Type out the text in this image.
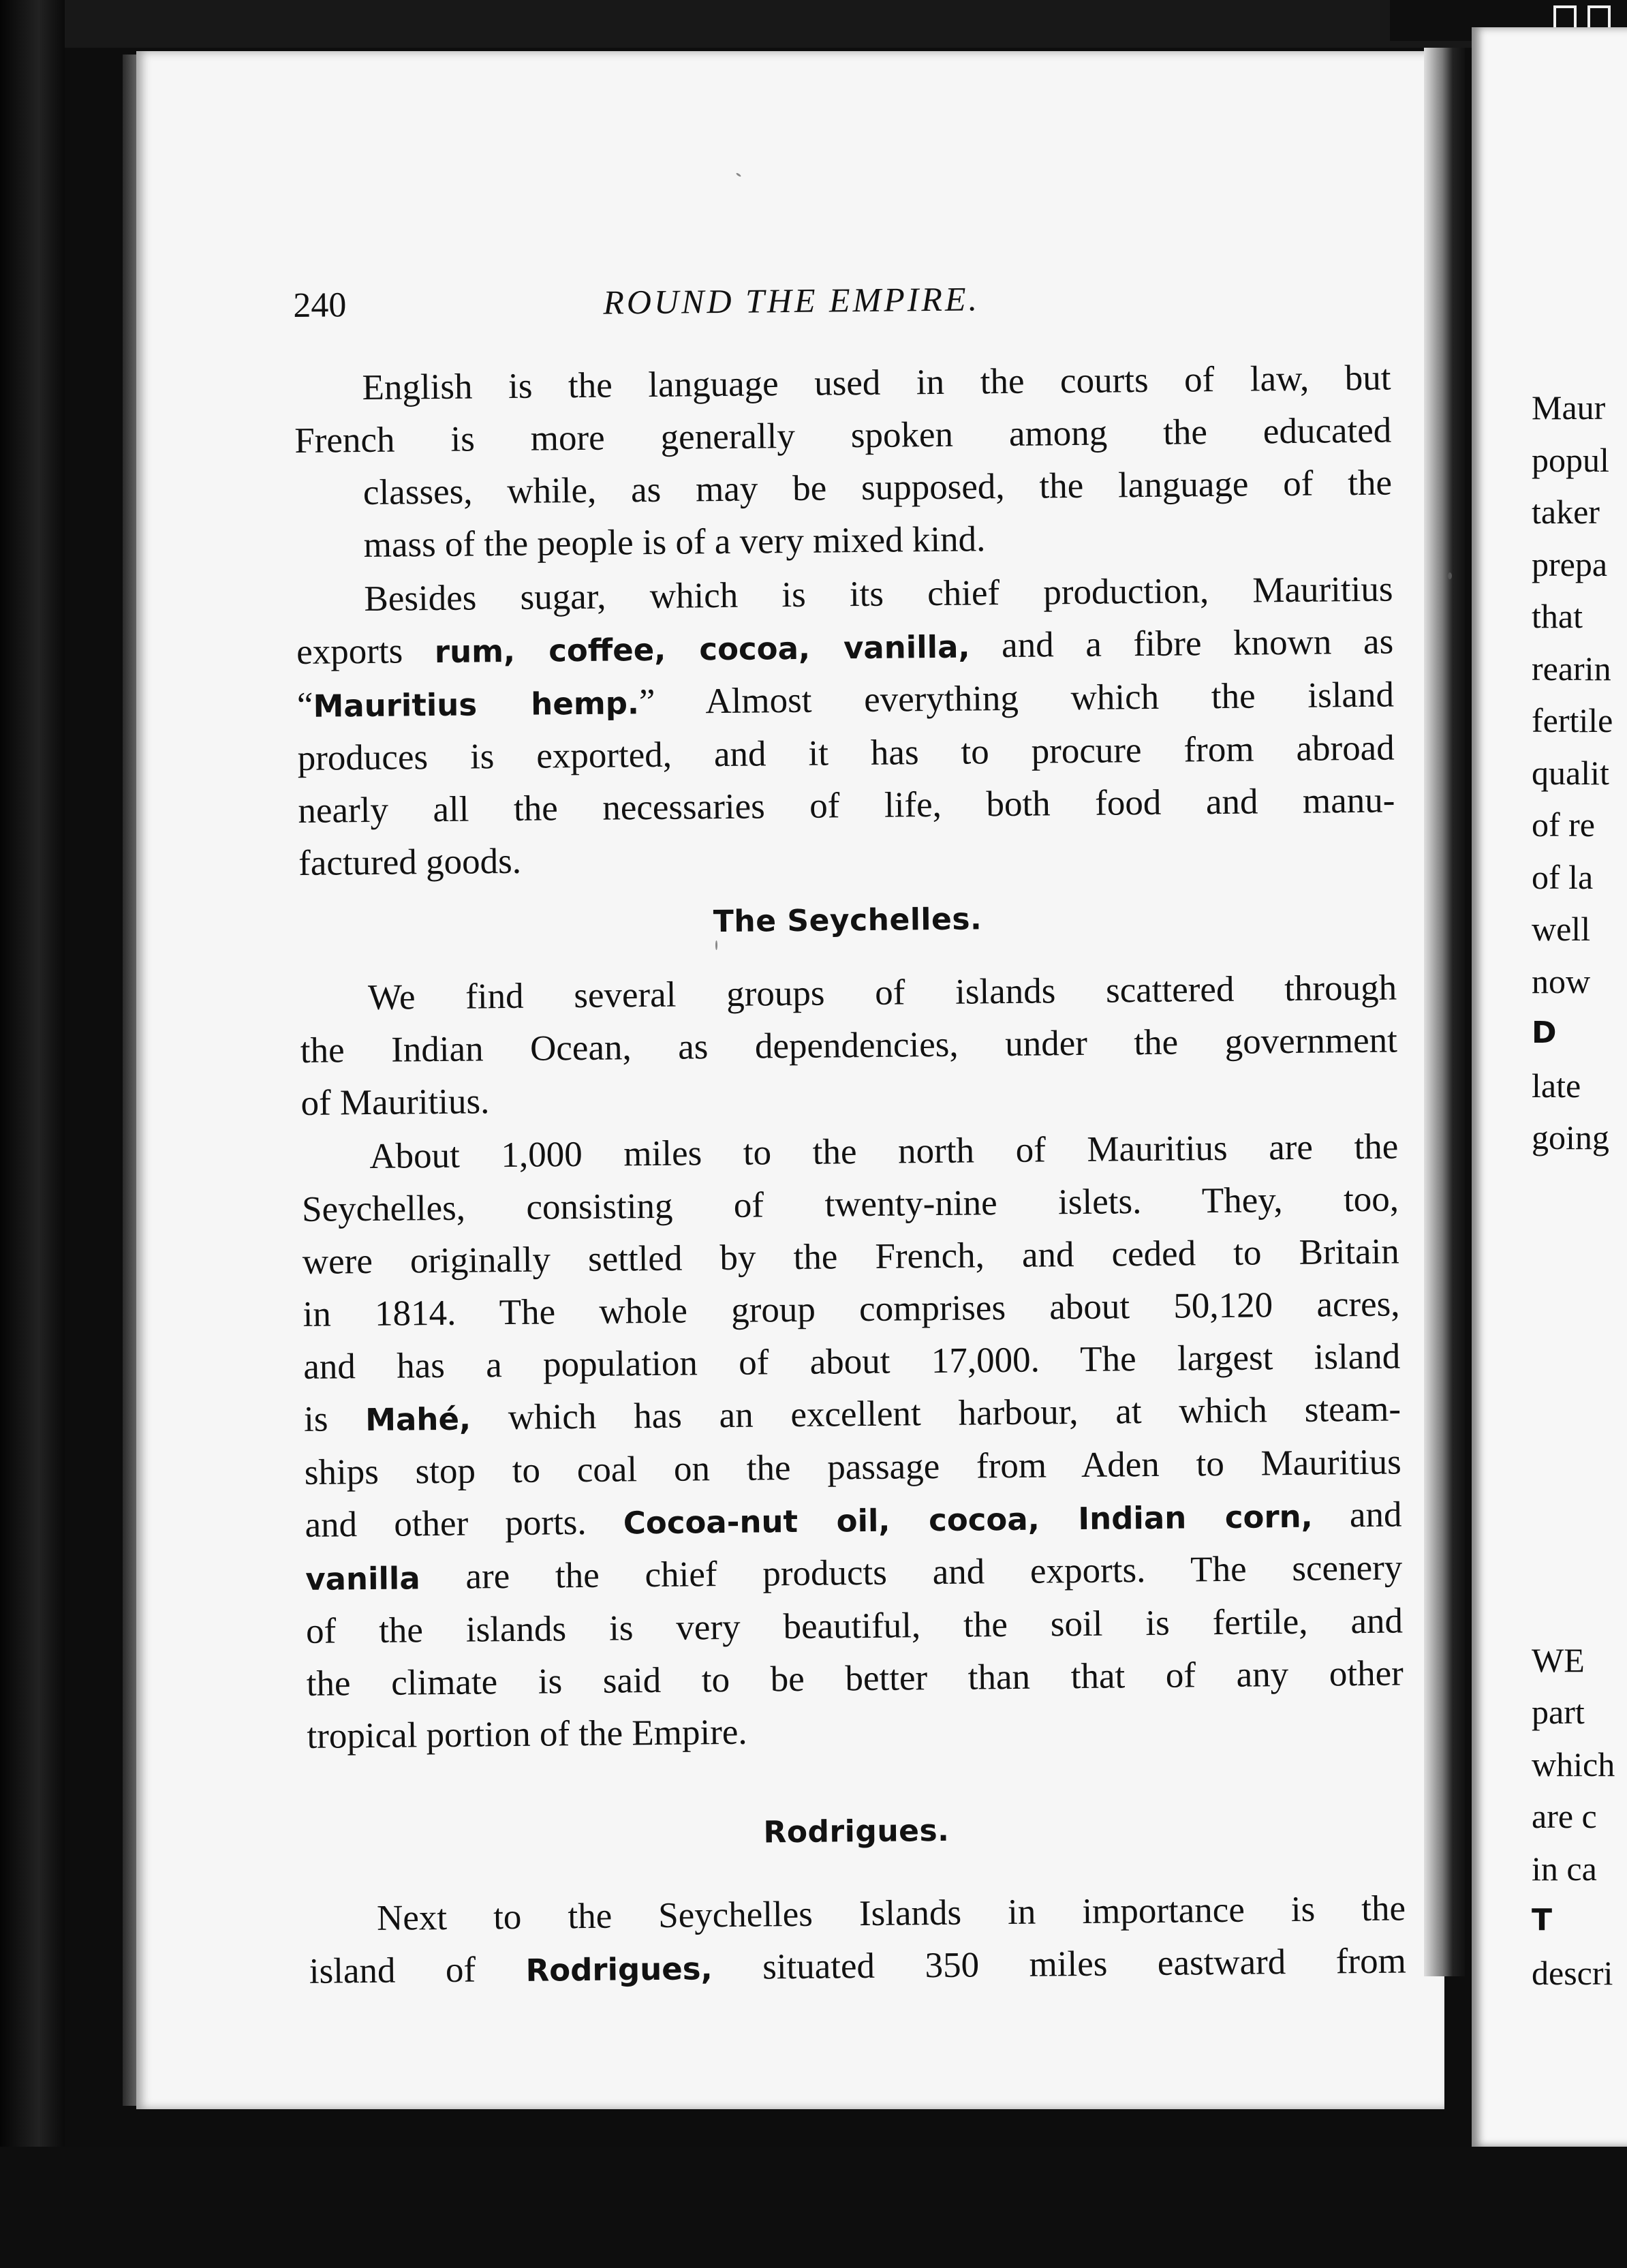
240	ROUND THE EMPIRE.

English is the language used in the courts of law, but
French is more generally spoken among the educated
classes, while, as may be supposed, the language of the
mass of the people is of a very mixed kind.

Besides sugar, which is its chief production, Mauritius
exports rum, coffee, cocoa, vanilla, and a fibre known as
“Mauritius hemp.” Almost everything which the island
produces is exported, and it has to procure from abroad
nearly all the necessaries of life, both food and manu-
factured goods.

The Seychelles.

We find several groups of islands scattered through
the Indian Ocean, as dependencies, under the government
of Mauritius.

About 1,000 miles to the north of Mauritius are the
Seychelles, consisting of twenty-nine islets. They, too,
were originally settled by the French, and ceded to Britain
in 1814. The whole group comprises about 50,120 acres,
and has a population of about 17,000. The largest island
is Mahé, which has an excellent harbour, at which steam-
ships stop to coal on the passage from Aden to Mauritius
and other ports. Cocoa-nut oil, cocoa, Indian corn, and
vanilla are the chief products and exports. The scenery
of the islands is very beautiful, the soil is fertile, and
the climate is said to be better than that of any other
tropical portion of the Empire.

Rodrigues.

Next to the Seychelles Islands in importance is the
island of Rodrigues, situated 350 miles eastward from

Maur
popul
taker
prepa
that
rearin
fertile
qualit
of re
of la
well
now
D
late
going
WE
part
which
are c
in ca
T
descri
